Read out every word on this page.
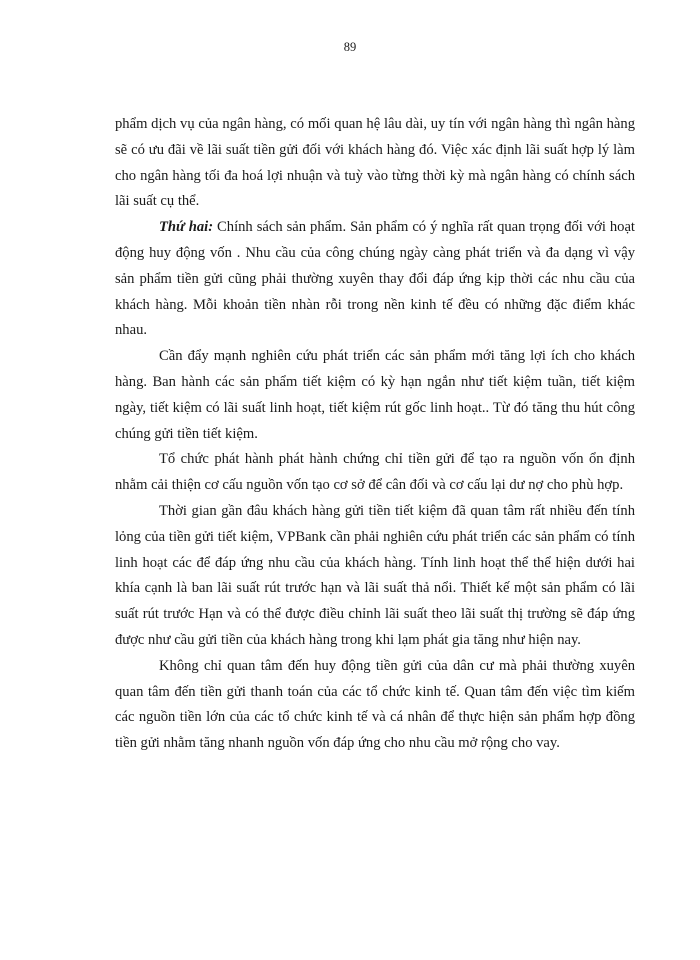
89

phẩm dịch vụ của ngân hàng, có mối quan hệ lâu dài, uy tín với ngân hàng thì ngân hàng sẽ có ưu đãi về lãi suất tiền gửi đối với khách hàng đó. Việc xác định lãi suất hợp lý làm cho ngân hàng tối đa hoá lợi nhuận và tuỳ vào từng thời kỳ mà ngân hàng có chính sách lãi suất cụ thể.

Thứ hai: Chính sách sản phẩm. Sản phẩm có ý nghĩa rất quan trọng đối với hoạt động huy động vốn . Nhu cầu của công chúng ngày càng phát triển và đa dạng vì vậy sản phẩm tiền gửi cũng phải thường xuyên thay đổi đáp ứng kịp thời các nhu cầu của khách hàng. Mỗi khoản tiền nhàn rỗi trong nền kinh tế đều có những đặc điểm khác nhau.

Cần đẩy mạnh nghiên cứu phát triển các sản phẩm mới tăng lợi ích cho khách hàng. Ban hành các sản phẩm tiết kiệm có kỳ hạn ngắn như tiết kiệm tuần, tiết kiệm ngày, tiết kiệm có lãi suất linh hoạt, tiết kiệm rút gốc linh hoạt.. Từ đó tăng thu hút công chúng gửi tiền tiết kiệm.

Tổ chức phát hành phát hành chứng chỉ tiền gửi để tạo ra nguồn vốn ổn định nhằm cải thiện cơ cấu nguồn vốn tạo cơ sở để cân đối và cơ cấu lại dư nợ cho phù hợp.

Thời gian gần đâu khách hàng gửi tiền tiết kiệm đã quan tâm rất nhiều đến tính lỏng của tiền gửi tiết kiệm, VPBank cần phải nghiên cứu phát triển các sản phẩm có tính linh hoạt các để đáp ứng nhu cầu của khách hàng. Tính linh hoạt thể thể hiện dưới hai khía cạnh là ban lãi suất rút trước hạn và lãi suất thả nổi. Thiết kế một sản phẩm có lãi suất rút trước Hạn và có thể được điều chỉnh lãi suất theo lãi suất thị trường sẽ đáp ứng được như cầu gửi tiền của khách hàng trong khi lạm phát gia tăng như hiện nay.

Không chỉ quan tâm đến huy động tiền gửi của dân cư mà phải thường xuyên quan tâm đến tiền gửi thanh toán của các tổ chức kinh tế. Quan tâm đến việc tìm kiếm các nguồn tiền lớn của các tổ chức kinh tế và cá nhân để thực hiện sản phẩm hợp đồng tiền gửi nhằm tăng nhanh nguồn vốn đáp ứng cho nhu cầu mở rộng cho vay.
